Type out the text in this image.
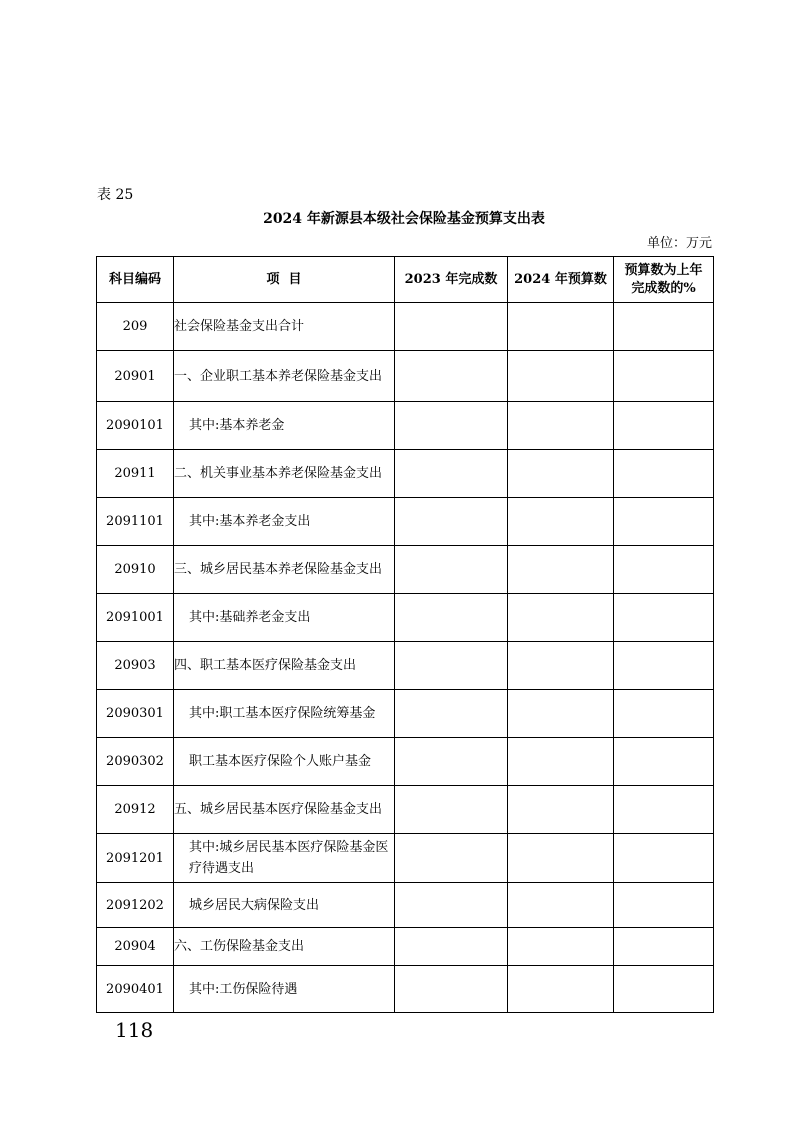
表 25
2024 年新源县本级社会保险基金预算支出表
单位：万元
科目编码	项  目	2023 年完成数	2024 年预算数	预算数为上年完成数的%
209	社会保险基金支出合计			
20901	一、企业职工基本养老保险基金支出			
2090101	其中:基本养老金			
20911	二、机关事业基本养老保险基金支出			
2091101	其中:基本养老金支出			
20910	三、城乡居民基本养老保险基金支出			
2091001	其中:基础养老金支出			
20903	四、职工基本医疗保险基金支出			
2090301	其中:职工基本医疗保险统筹基金			
2090302	职工基本医疗保险个人账户基金			
20912	五、城乡居民基本医疗保险基金支出			
2091201	其中:城乡居民基本医疗保险基金医疗待遇支出			
2091202	城乡居民大病保险支出			
20904	六、工伤保险基金支出			
2090401	其中:工伤保险待遇			
118
